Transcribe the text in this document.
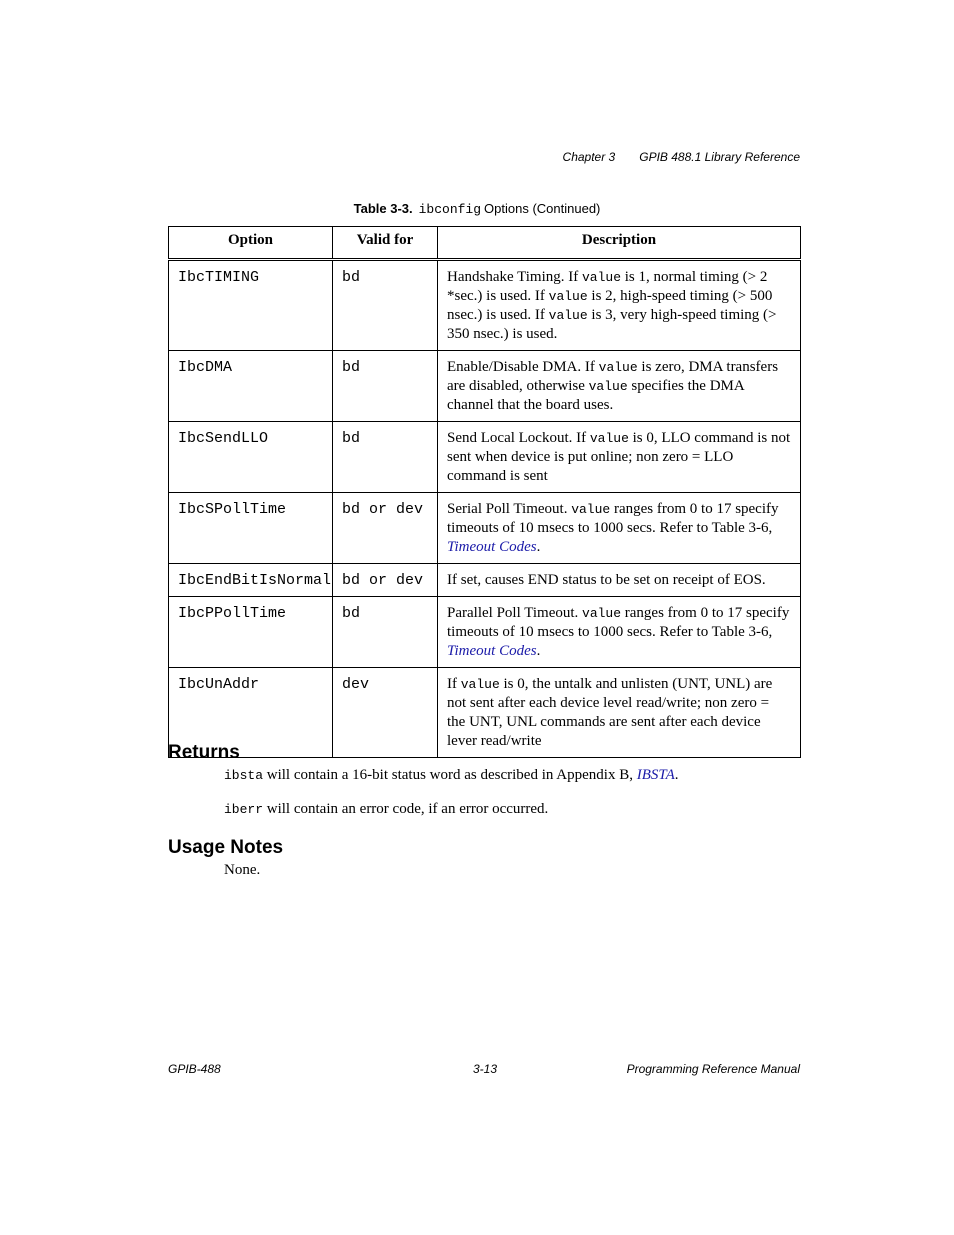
Chapter 3 GPIB 488.1 Library Reference
Table 3-3. ibconfig Options (Continued)
Option	Valid for	Description
IbcTIMING	bd	Handshake Timing. If value is 1, normal timing (> 2 *sec.) is used. If value is 2, high-speed timing (> 500 nsec.) is used. If value is 3, very high-speed timing (> 350 nsec.) is used.
IbcDMA	bd	Enable/Disable DMA. If value is zero, DMA transfers are disabled, otherwise value specifies the DMA channel that the board uses.
IbcSendLLO	bd	Send Local Lockout. If value is 0, LLO command is not sent when device is put online; non zero = LLO command is sent
IbcSPollTime	bd or dev	Serial Poll Timeout. value ranges from 0 to 17 specify timeouts of 10 msecs to 1000 secs. Refer to Table 3-6, Timeout Codes.
IbcEndBitIsNormal	bd or dev	If set, causes END status to be set on receipt of EOS.
IbcPPollTime	bd	Parallel Poll Timeout. value ranges from 0 to 17 specify timeouts of 10 msecs to 1000 secs. Refer to Table 3-6, Timeout Codes.
IbcUnAddr	dev	If value is 0, the untalk and unlisten (UNT, UNL) are not sent after each device level read/write; non zero = the UNT, UNL commands are sent after each device lever read/write
Returns

ibsta will contain a 16-bit status word as described in Appendix B, IBSTA.

iberr will contain an error code, if an error occurred.

Usage Notes

None.

GPIB-488	3-13	Programming Reference Manual
